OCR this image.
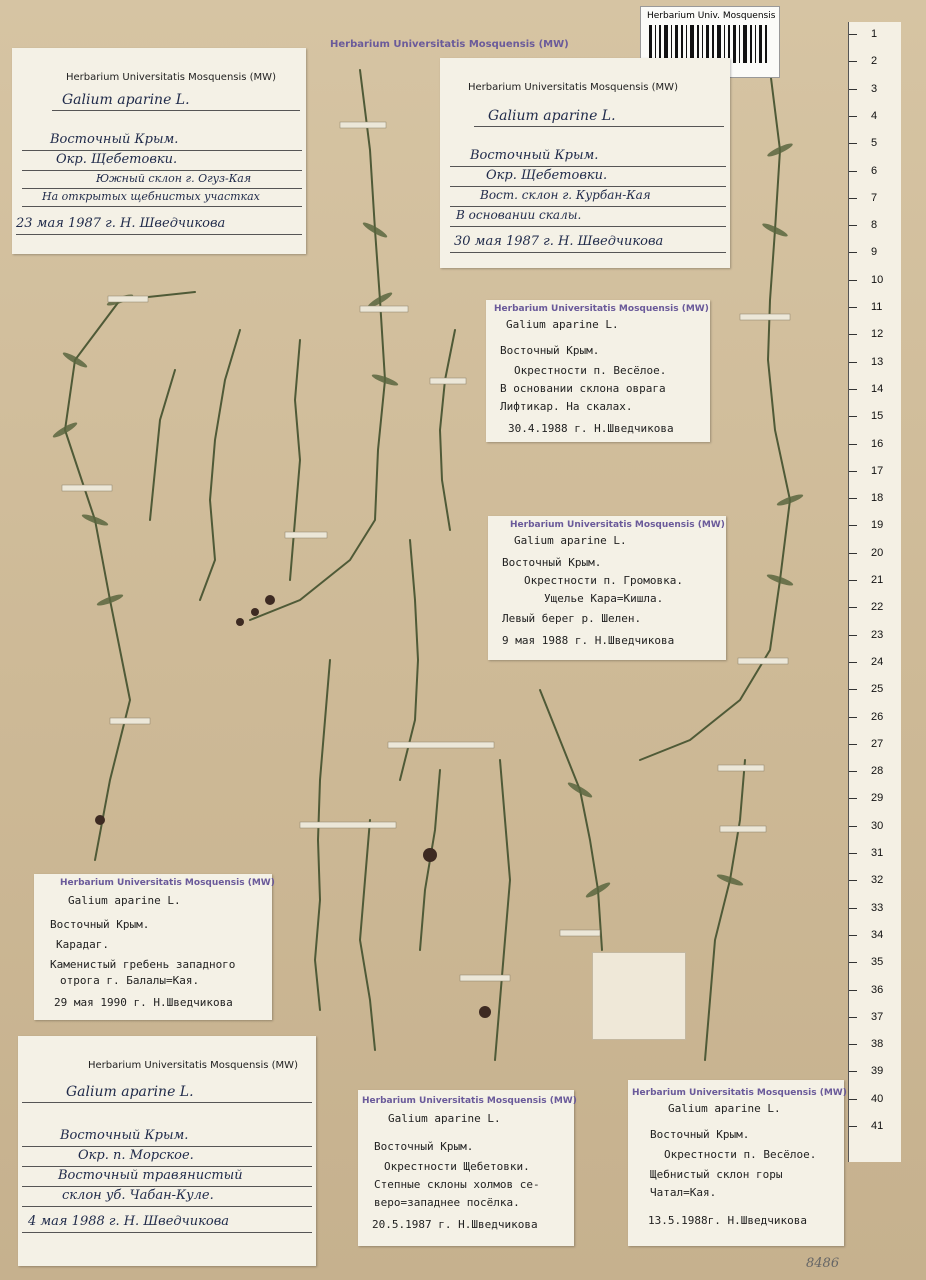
Herbarium Universitatis Mosquensis (MW)
Herbarium Univ. Mosquensis
Herbarium Universitatis Mosquensis (MW)
Galium aparine L.
Восточный Крым.
Окр. Щебетовки.
Южный склон г. Огуз-Кая
На открытых щебнистых участках
23 мая 1987 г. Н. Шведчикова
Herbarium Universitatis Mosquensis (MW)
Galium aparine L.
Восточный Крым.
Окр. Щебетовки.
Вост. склон г. Курбан-Кая
В основании скалы.
30 мая 1987 г. Н. Шведчикова
Herbarium Universitatis Mosquensis (MW)
Galium aparine L.
Восточный Крым.
Окрестности п. Весёлое.
В основании склона оврага
Лифтикар. На скалах.
30.4.1988 г. Н.Шведчикова
Herbarium Universitatis Mosquensis (MW)
Galium aparine L.
Восточный Крым.
Окрестности п. Громовка.
Ущелье Кара=Кишла.
Левый берег р. Шелен.
9 мая 1988 г. Н.Шведчикова
Herbarium Universitatis Mosquensis (MW)
Galium aparine L.
Восточный Крым.
Карадаг.
Каменистый гребень западного
отрога г. Балалы=Кая.
29 мая 1990 г. Н.Шведчикова
Herbarium Universitatis Mosquensis (MW)
Galium aparine L.
Восточный Крым.
Окр. п. Морское.
Восточный травянистый
склон уб. Чабан-Куле.
4 мая 1988 г. Н. Шведчикова
Herbarium Universitatis Mosquensis (MW)
Galium aparine L.
Восточный Крым.
Окрестности Щебетовки.
Степные склоны холмов се-
веро=западнее посёлка.
20.5.1987 г. Н.Шведчикова
Herbarium Universitatis Mosquensis (MW)
Galium aparine L.
Восточный Крым.
Окрестности п. Весёлое.
Щебнистый склон горы
Чатал=Кая.
13.5.1988г. Н.Шведчикова
1
2
3
4
5
6
7
8
9
10
11
12
13
14
15
16
17
18
19
20
21
22
23
24
25
26
27
28
29
30
31
32
33
34
35
36
37
38
39
40
41
8486
